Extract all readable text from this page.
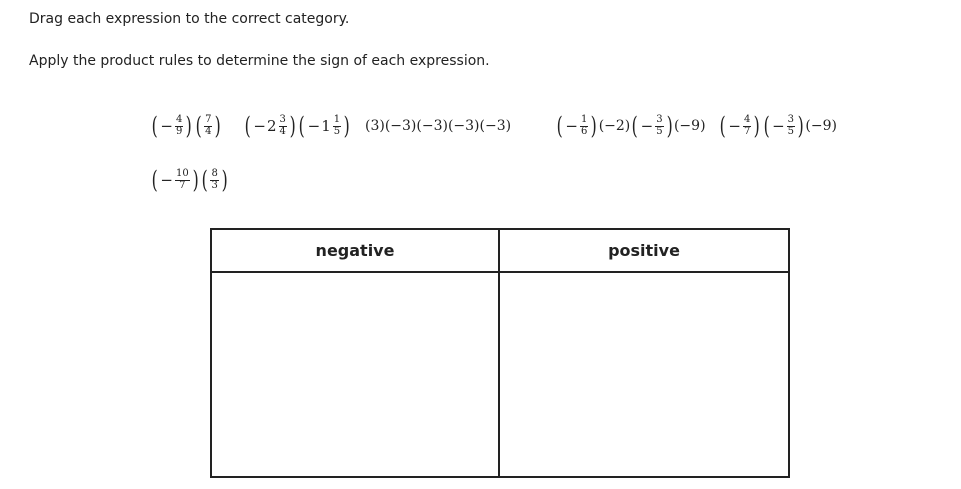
Drag each expression to the correct category.
Apply the product rules to determine the sign of each expression.
( − $\frac{4}{9}$ ) ( $\frac{7}{4}$ ) ( − $2 \frac{3}{4}$ ) ( − $1 \frac{1}{5}$ ) (3)(−3)(−3)(−3)(−3) ( − $\frac{1}{6}$ ) (−2) ( − $\frac{3}{5}$ ) (−9) ( − $\frac{4}{7}$ ) ( − $\frac{3}{5}$ ) (−9)
( − $\frac{10}{7}$ ) ( $\frac{8}{3}$ )
negative	positive
